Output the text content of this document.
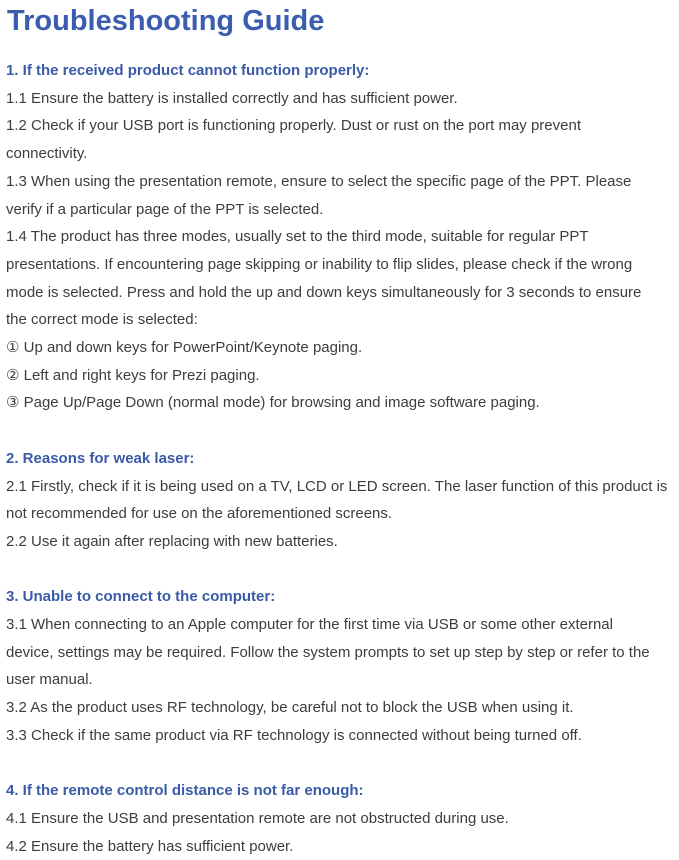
Troubleshooting Guide
1. If the received product cannot function properly:
1.1 Ensure the battery is installed correctly and has sufficient power.
1.2 Check if your USB port is functioning properly. Dust or rust on the port may prevent
connectivity.
1.3 When using the presentation remote, ensure to select the specific page of the PPT. Please
verify if a particular page of the PPT is selected.
1.4 The product has three modes, usually set to the third mode, suitable for regular PPT
presentations. If encountering page skipping or inability to flip slides, please check if the wrong
mode is selected. Press and hold the up and down keys simultaneously for 3 seconds to ensure
the correct mode is selected:
① Up and down keys for PowerPoint/Keynote paging.
② Left and right keys for Prezi paging.
③ Page Up/Page Down (normal mode) for browsing and image software paging.
2. Reasons for weak laser:
2.1 Firstly, check if it is being used on a TV, LCD or LED screen. The laser function of this product is
not recommended for use on the aforementioned screens.
2.2 Use it again after replacing with new batteries.
3. Unable to connect to the computer:
3.1 When connecting to an Apple computer for the first time via USB or some other external
device, settings may be required. Follow the system prompts to set up step by step or refer to the
user manual.
3.2 As the product uses RF technology, be careful not to block the USB when using it.
3.3 Check if the same product via RF technology is connected without being turned off.
4. If the remote control distance is not far enough:
4.1 Ensure the USB and presentation remote are not obstructed during use.
4.2 Ensure the battery has sufficient power.
